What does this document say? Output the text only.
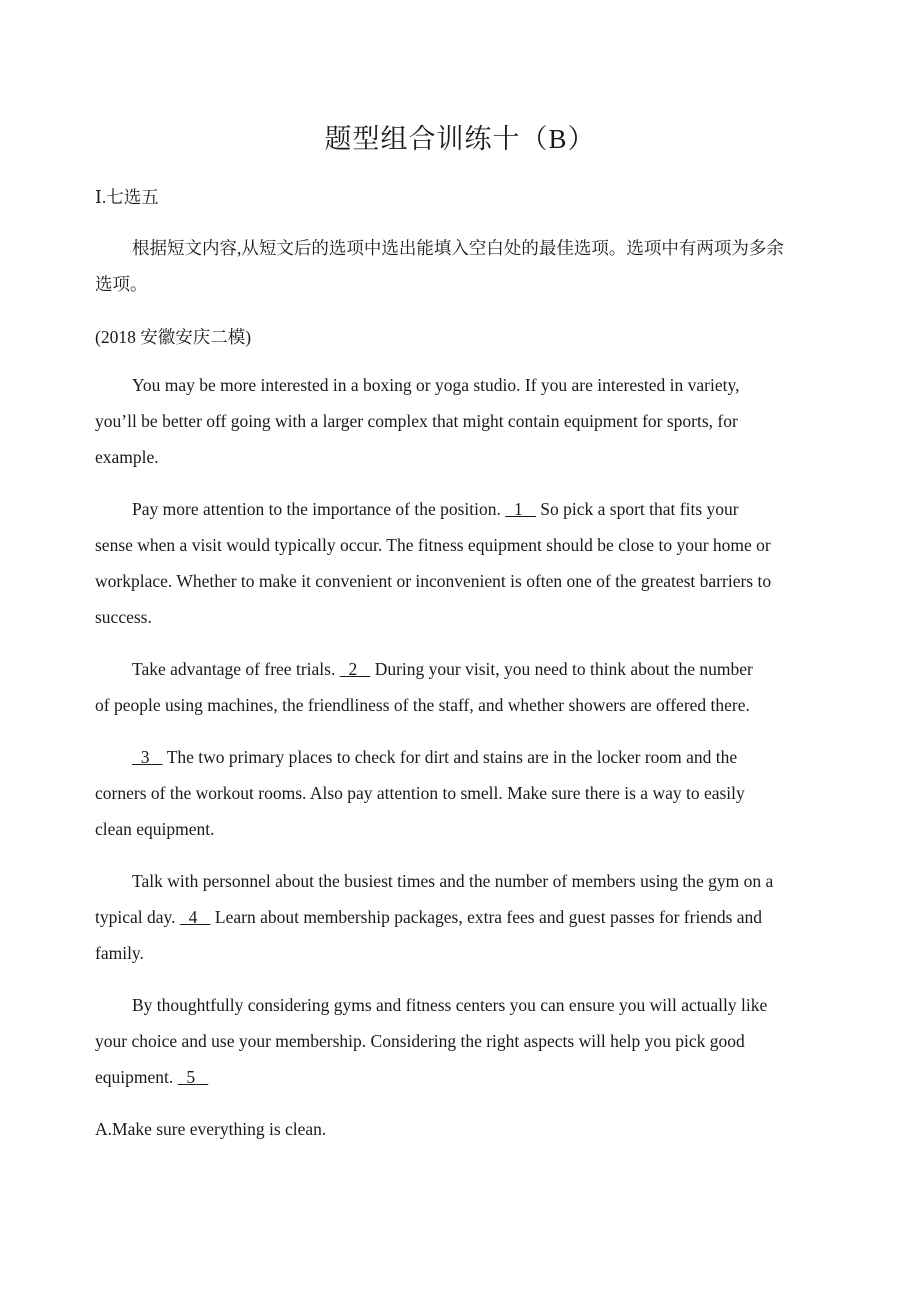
题型组合训练十（B）
Ⅰ.七选五
根据短文内容,从短文后的选项中选出能填入空白处的最佳选项。选项中有两项为多余
选项。
(2018 安徽安庆二模)
You may be more interested in a boxing or yoga studio. If you are interested in variety,
you’ll be better off going with a larger complex that might contain equipment for sports, for
example.
Pay more attention to the importance of the position. 1 So pick a sport that fits your
sense when a visit would typically occur. The fitness equipment should be close to your home or
workplace. Whether to make it convenient or inconvenient is often one of the greatest barriers to
success.
Take advantage of free trials. 2 During your visit, you need to think about the number
of people using machines, the friendliness of the staff, and whether showers are offered there.
3 The two primary places to check for dirt and stains are in the locker room and the
corners of the workout rooms. Also pay attention to smell. Make sure there is a way to easily
clean equipment.
Talk with personnel about the busiest times and the number of members using the gym on a
typical day. 4 Learn about membership packages, extra fees and guest passes for friends and
family.
By thoughtfully considering gyms and fitness centers you can ensure you will actually like
your choice and use your membership. Considering the right aspects will help you pick good
equipment. 5
A.Make sure everything is clean.
